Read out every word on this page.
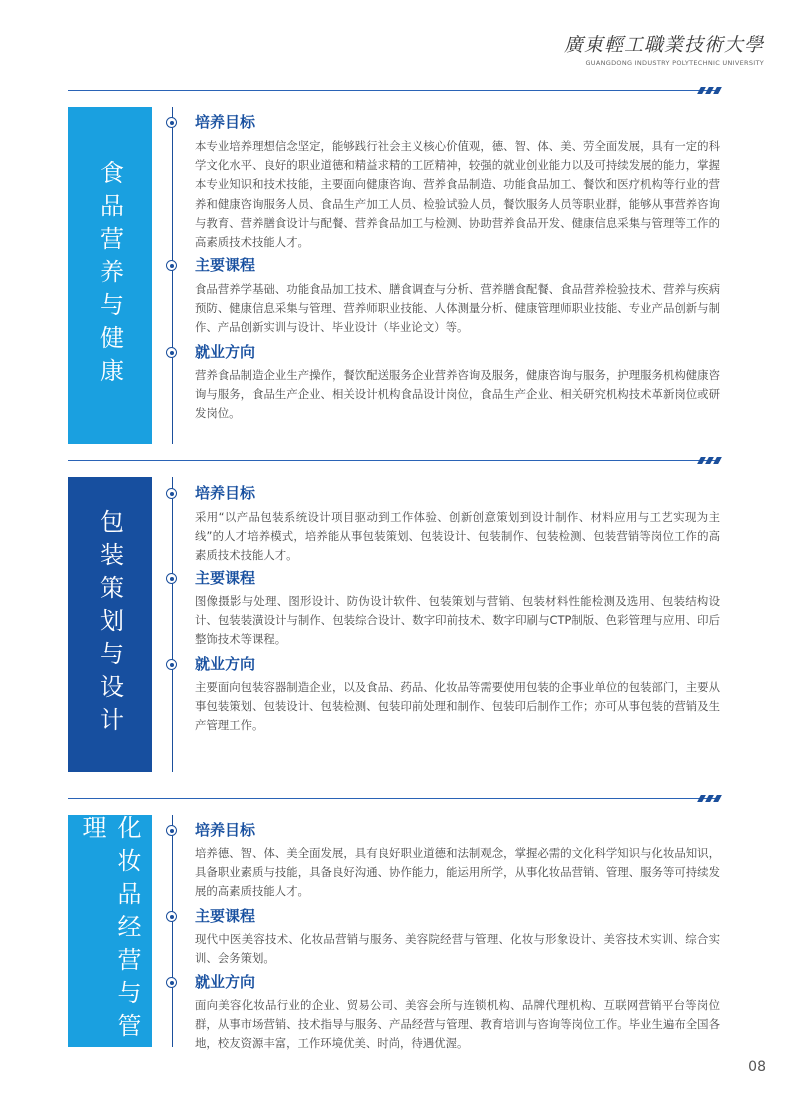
廣東輕工職業技術大學
GUANGDONG INDUSTRY POLYTECHNIC UNIVERSITY
食品营养与健康
培养目标
本专业培养理想信念坚定，能够践行社会主义核心价值观，德、智、体、美、劳全面发展，具有一定的科学文化水平、良好的职业道德和精益求精的工匠精神，较强的就业创业能力以及可持续发展的能力，掌握本专业知识和技术技能，主要面向健康咨询、营养食品制造、功能食品加工、餐饮和医疗机构等行业的营养和健康咨询服务人员、食品生产加工人员、检验试验人员，餐饮服务人员等职业群，能够从事营养咨询与教育、营养膳食设计与配餐、营养食品加工与检测、协助营养食品开发、健康信息采集与管理等工作的高素质技术技能人才。
主要课程
食品营养学基础、功能食品加工技术、膳食调查与分析、营养膳食配餐、食品营养检验技术、营养与疾病预防、健康信息采集与管理、营养师职业技能、人体测量分析、健康管理师职业技能、专业产品创新与制作、产品创新实训与设计、毕业设计（毕业论文）等。
就业方向
营养食品制造企业生产操作，餐饮配送服务企业营养咨询及服务，健康咨询与服务，护理服务机构健康咨询与服务，食品生产企业、相关设计机构食品设计岗位，食品生产企业、相关研究机构技术革新岗位或研发岗位。
包装策划与设计
培养目标
采用“以产品包装系统设计项目驱动到工作体验、创新创意策划到设计制作、材料应用与工艺实现为主线”的人才培养模式，培养能从事包装策划、包装设计、包装制作、包装检测、包装营销等岗位工作的高素质技术技能人才。
主要课程
图像摄影与处理、图形设计、防伪设计软件、包装策划与营销、包装材料性能检测及选用、包装结构设计、包装装潢设计与制作、包装综合设计、数字印前技术、数字印刷与CTP制版、色彩管理与应用、印后整饰技术等课程。
就业方向
主要面向包装容器制造企业，以及食品、药品、化妆品等需要使用包装的企事业单位的包装部门，主要从事包装策划、包装设计、包装检测、包装印前处理和制作、包装印后制作工作；亦可从事包装的营销及生产管理工作。
化妆品经营与管理	培养目标
培养德、智、体、美全面发展，具有良好职业道德和法制观念，掌握必需的文化科学知识与化妆品知识，具备职业素质与技能，具备良好沟通、协作能力，能运用所学，从事化妆品营销、管理、服务等可持续发展的高素质技能人才。
主要课程
现代中医美容技术、化妆品营销与服务、美容院经营与管理、化妆与形象设计、美容技术实训、综合实训、会务策划。
就业方向
面向美容化妆品行业的企业、贸易公司、美容会所与连锁机构、品牌代理机构、互联网营销平台等岗位群，从事市场营销、技术指导与服务、产品经营与管理、教育培训与咨询等岗位工作。毕业生遍布全国各地，校友资源丰富，工作环境优美、时尚，待遇优渥。
08
